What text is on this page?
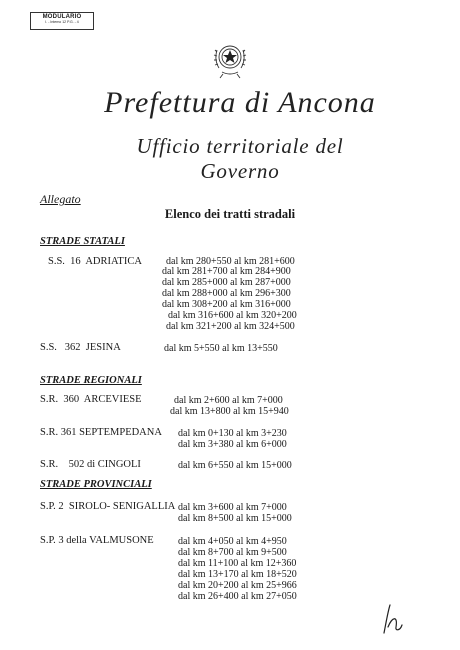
MODULARIO
I. - Interno 12 P.G. - 4
Prefettura di Ancona
Ufficio territoriale del Governo
Allegato
Elenco dei tratti stradali
STRADE STATALI
STRADE REGIONALI
STRADE PROVINCIALI
S.S.  16  ADRIATICA dal km 280+550 al km 281+600
dal km 281+700 al km 284+900
dal km 285+000 al km 287+000
dal km 288+000 al km 296+300
dal km 308+200 al km 316+000
dal km 316+600 al km 320+200
dal km 321+200 al km 324+500
S.S.   362  JESINA	dal km 5+550 al km 13+550
S.R.  360  ARCEVIESE	dal km 2+600 al km 7+000
dal km 13+800 al km 15+940
S.R. 361 SEPTEMPEDANA dal km 0+130 al km 3+230
dal km 3+380 al km 6+000
S.R.    502 di CINGOLI	dal km 6+550 al km 15+000
S.P. 2  SIROLO- SENIGALLIA dal km 3+600 al km 7+000
dal km 8+500 al km 15+000
S.P. 3 della VALMUSONE dal km 4+050 al km 4+950
dal km 8+700 al km 9+500
dal km 11+100 al km 12+360
dal km 13+170 al km 18+520
dal km 20+200 al km 25+966
dal km 26+400 al km 27+050
